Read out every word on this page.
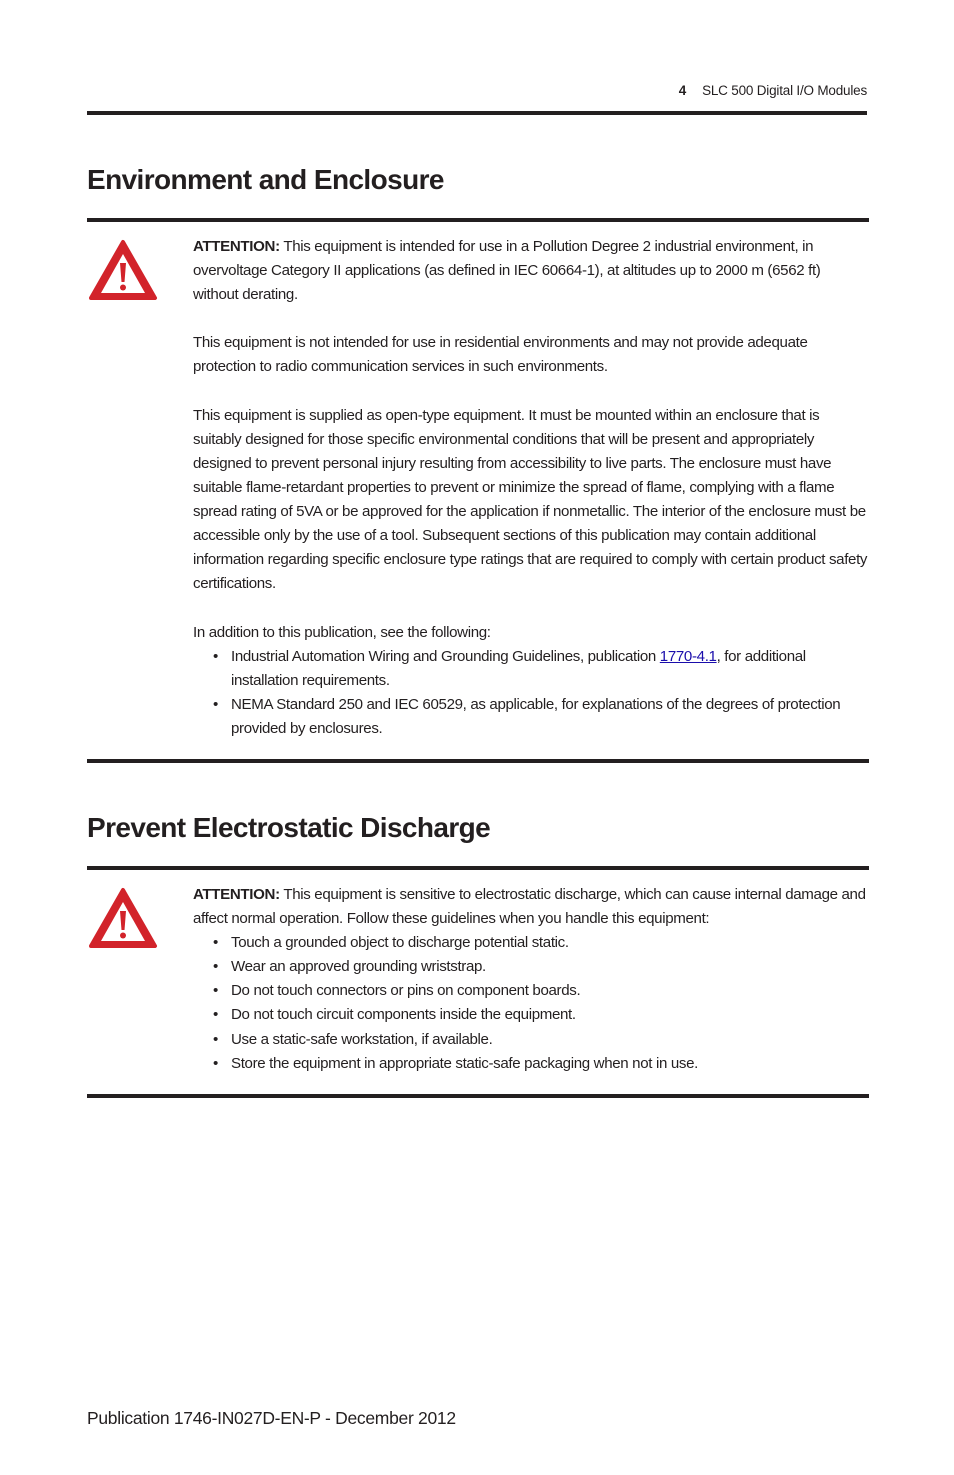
4 SLC 500 Digital I/O Modules
Environment and Enclosure

ATTENTION: This equipment is intended for use in a Pollution Degree 2 industrial environment, in overvoltage Category II applications (as defined in IEC 60664-1), at altitudes up to 2000 m (6562 ft) without derating.

This equipment is not intended for use in residential environments and may not provide adequate protection to radio communication services in such environments.

This equipment is supplied as open-type equipment. It must be mounted within an enclosure that is suitably designed for those specific environmental conditions that will be present and appropriately designed to prevent personal injury resulting from accessibility to live parts. The enclosure must have suitable flame-retardant properties to prevent or minimize the spread of flame, complying with a flame spread rating of 5VA or be approved for the application if nonmetallic. The interior of the enclosure must be accessible only by the use of a tool. Subsequent sections of this publication may contain additional information regarding specific enclosure type ratings that are required to comply with certain product safety certifications.

In addition to this publication, see the following:

• Industrial Automation Wiring and Grounding Guidelines, publication 1770-4.1, for additional installation requirements.
• NEMA Standard 250 and IEC 60529, as applicable, for explanations of the degrees of protection provided by enclosures.
Prevent Electrostatic Discharge

ATTENTION: This equipment is sensitive to electrostatic discharge, which can cause internal damage and affect normal operation. Follow these guidelines when you handle this equipment:

• Touch a grounded object to discharge potential static.
• Wear an approved grounding wriststrap.
• Do not touch connectors or pins on component boards.
• Do not touch circuit components inside the equipment.
• Use a static-safe workstation, if available.
• Store the equipment in appropriate static-safe packaging when not in use.
Publication 1746-IN027D-EN-P - December 2012
